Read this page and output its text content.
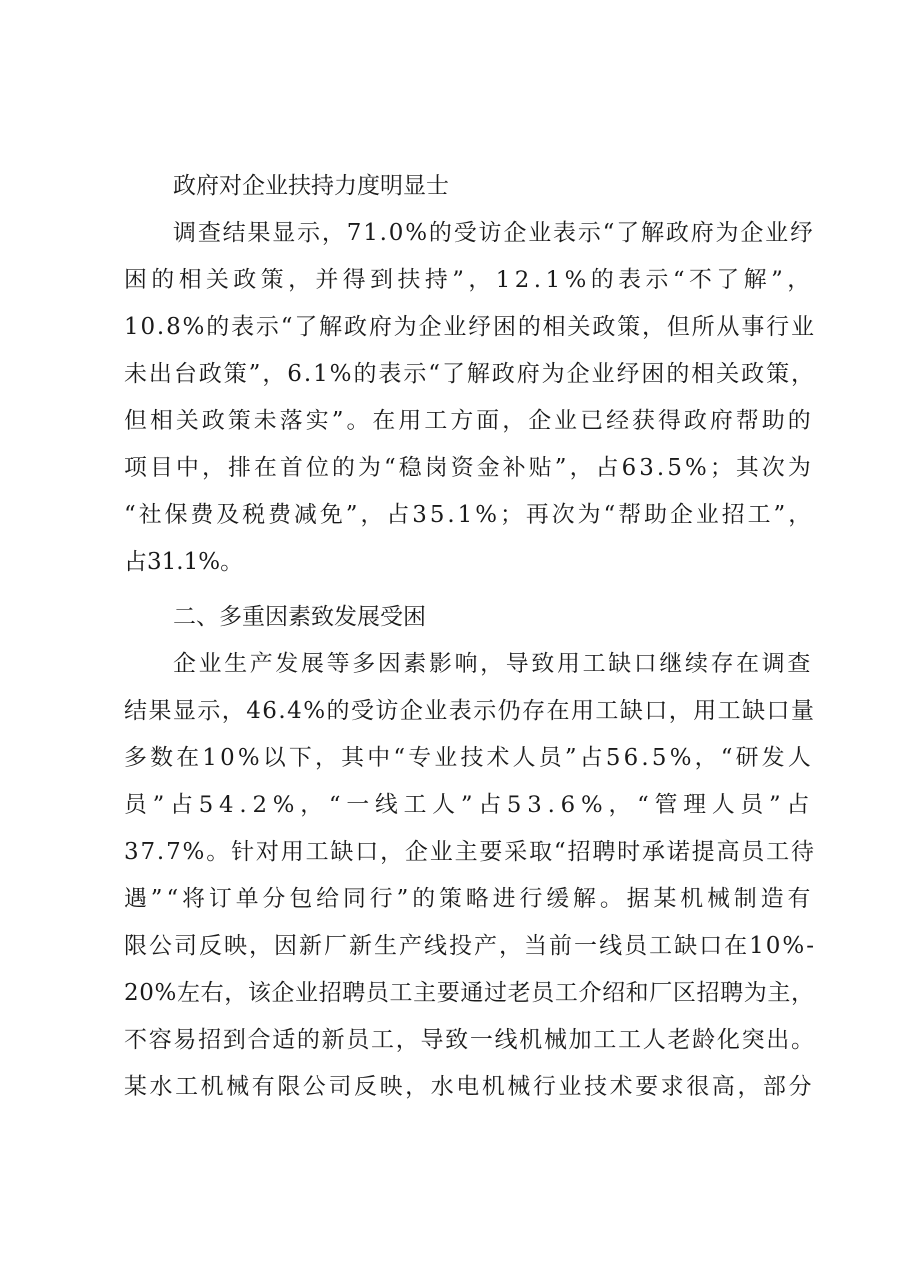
政府对企业扶持力度明显士
调查结果显示，71.0%的受访企业表示“了解政府为企业纾
困的相关政策，并得到扶持”，12.1%的表示“不了解”，
10.8%的表示“了解政府为企业纾困的相关政策，但所从事行业
未出台政策”，6.1%的表示“了解政府为企业纾困的相关政策，
但相关政策未落实”。在用工方面，企业已经获得政府帮助的
项目中，排在首位的为“稳岗资金补贴”，占63.5%；其次为
“社保费及税费减免”，占35.1%；再次为“帮助企业招工”，
占31.1%。
二、多重因素致发展受困
企业生产发展等多因素影响，导致用工缺口继续存在调查
结果显示，46.4%的受访企业表示仍存在用工缺口，用工缺口量
多数在10%以下，其中“专业技术人员”占56.5%，“研发人
员”占54.2%，“一线工人”占53.6%，“管理人员”占
37.7%。针对用工缺口，企业主要采取“招聘时承诺提高员工待
遇”“将订单分包给同行”的策略进行缓解。据某机械制造有
限公司反映，因新厂新生产线投产，当前一线员工缺口在10%-
20%左右，该企业招聘员工主要通过老员工介绍和厂区招聘为主，
不容易招到合适的新员工，导致一线机械加工工人老龄化突出。
某水工机械有限公司反映，水电机械行业技术要求很高，部分
